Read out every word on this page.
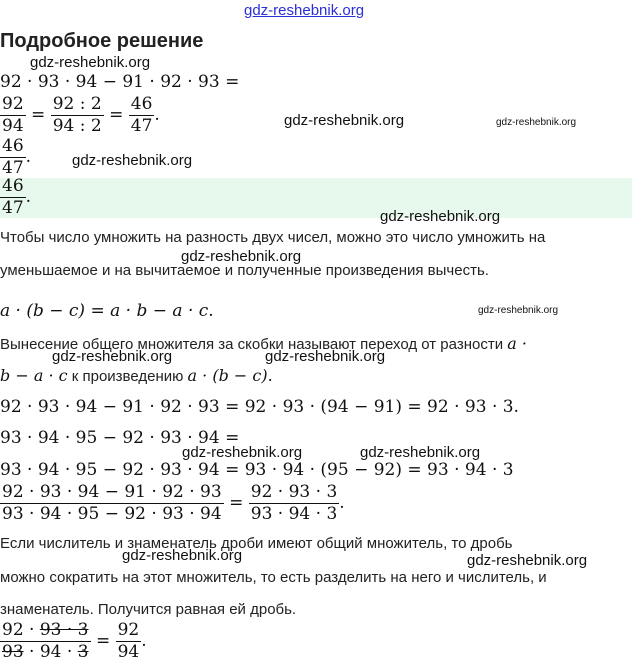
gdz-reshebnik.org
Подробное решение
gdz-reshebnik.org
92 · 93 · 94 − 91 · 92 · 93 =
$\frac{92}{94} = \frac{92 : 2}{94 : 2} = \frac{46}{47}$ .	gdz-reshebnik.org	gdz-reshebnik.org
$\frac{46}{47}$ .	gdz-reshebnik.org
$\frac{46}{47}$ .
gdz-reshebnik.org
Чтобы число умножить на разность двух чисел, можно это число умножить на
gdz-reshebnik.org
уменьшаемое и на вычитаемое и полученные произведения вычесть.
a · (b − c) = a · b − a · c.	gdz-reshebnik.org
Вынесение общего множителя за скобки называют переход от разности a ·
gdz-reshebnik.org	gdz-reshebnik.org
b − a · c к произведению a · (b − c).
92 · 93 · 94 − 91 · 92 · 93 = 92 · 93 · (94 − 91) = 92 · 93 · 3.
93 · 94 · 95 − 92 · 93 · 94 =
gdz-reshebnik.org	gdz-reshebnik.org
93 · 94 · 95 − 92 · 93 · 94 = 93 · 94 · (95 − 92) = 93 · 94 · 3
$\frac{92 \cdot 93 \cdot 94 - 91 \cdot 92 \cdot 93}{93 \cdot 94 \cdot 95 - 92 \cdot 93 \cdot 94} = \frac{92 \cdot 93 \cdot 3}{93 \cdot 94 \cdot 3}$ .
Если числитель и знаменатель дроби имеют общий множитель, то дробь
gdz-reshebnik.org	gdz-reshebnik.org
можно сократить на этот множитель, то есть разделить на него и числитель, и
знаменатель. Получится равная ей дробь.
$\frac{92 \cdot 93 \cdot 3}{93 \cdot 94 \cdot 3} = \frac{92}{94}$ .
